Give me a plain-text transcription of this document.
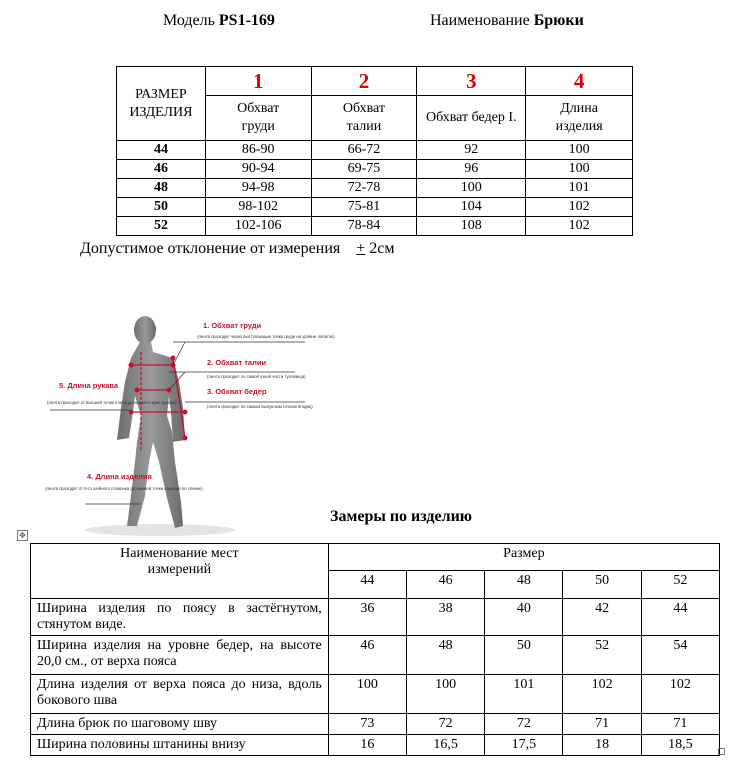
Модель PS1-169	Наименование Брюки
РАЗМЕР ИЗДЕЛИЯ	1	2	3	4

	Обхват груди	Обхват талии	Обхват бедер I.	Длина изделия

44	86-90	66-72	92	100
46	90-94	69-75	96	100
48	94-98	72-78	100	101
50	98-102	75-81	104	102
52	102-106	78-84	108	102
Допустимое отклонение от измерения + 2см
1. Обхват груди
(лента проходит через выступающие точки груди на уровне лопаток)
2. Обхват талии
(лента проходит по самой узкой части туловища)
3. Обхват бедер
(лента проходит по самым выпуклым точкам ягодиц)
5. Длина рукава
(лента проходит от высшей точки плеча до нижнего края рукава)
4. Длина изделия
(лента проходит от 6-го шейного позвонка до нижней точки изделия по спинке)
Замеры по изделию
✥
Наименование мест измерений	Размер				
	44	46	48	50	52
Ширина изделия по поясу в застёгнутом, стянутом виде.	36	38	40	42	44
Ширина изделия на уровне бедер, на высоте 20,0 см., от верха пояса	46	48	50	52	54
Длина изделия от верха пояса до низа, вдоль бокового шва	100	100	101	102	102
Длина брюк по шаговому шву	73	72	72	71	71
Ширина половины штанины внизу	16	16,5	17,5	18	18,5
